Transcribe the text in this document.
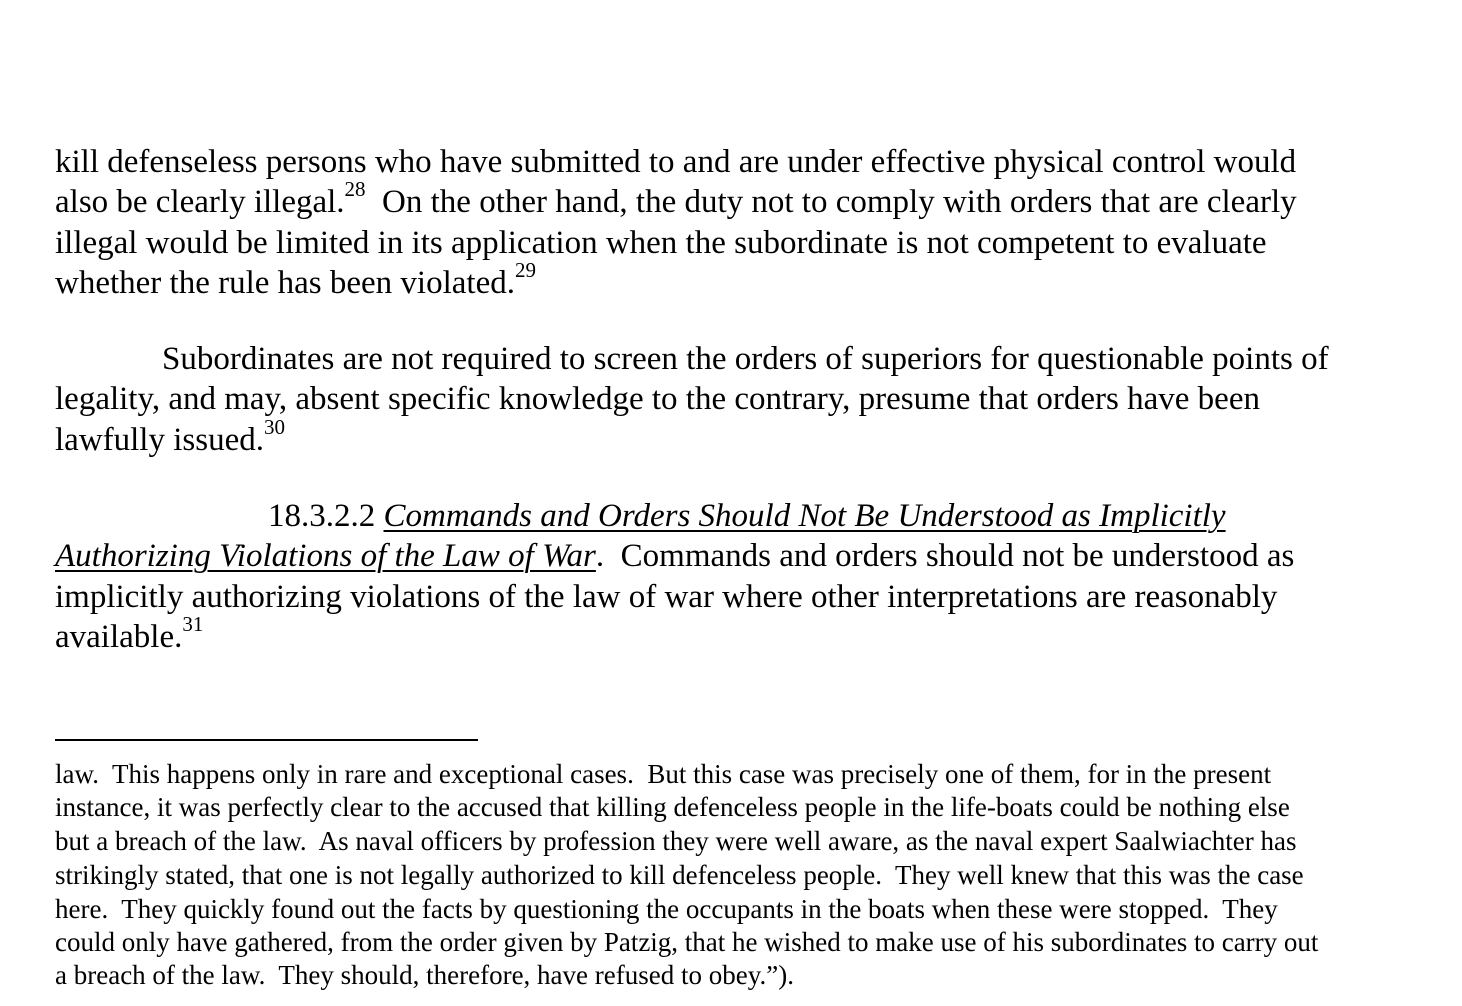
kill defenseless persons who have submitted to and are under effective physical control would

also be clearly illegal.$^{28}$  On the other hand, the duty not to comply with orders that are clearly

illegal would be limited in its application when the subordinate is not competent to evaluate

whether the rule has been violated.$^{29}$

Subordinates are not required to screen the orders of superiors for questionable points of

legality, and may, absent specific knowledge to the contrary, presume that orders have been

lawfully issued.$^{30}$

18.3.2.2 Commands and Orders Should Not Be Understood as Implicitly

Authorizing Violations of the Law of War.  Commands and orders should not be understood as

implicitly authorizing violations of the law of war where other interpretations are reasonably

available.$^{31}$

law.  This happens only in rare and exceptional cases.  But this case was precisely one of them, for in the present

instance, it was perfectly clear to the accused that killing defenceless people in the life-boats could be nothing else

but a breach of the law.  As naval officers by profession they were well aware, as the naval expert Saalwiachter has

strikingly stated, that one is not legally authorized to kill defenceless people.  They well knew that this was the case

here.  They quickly found out the facts by questioning the occupants in the boats when these were stopped.  They

could only have gathered, from the order given by Patzig, that he wished to make use of his subordinates to carry out

a breach of the law.  They should, therefore, have refused to obey.”).
